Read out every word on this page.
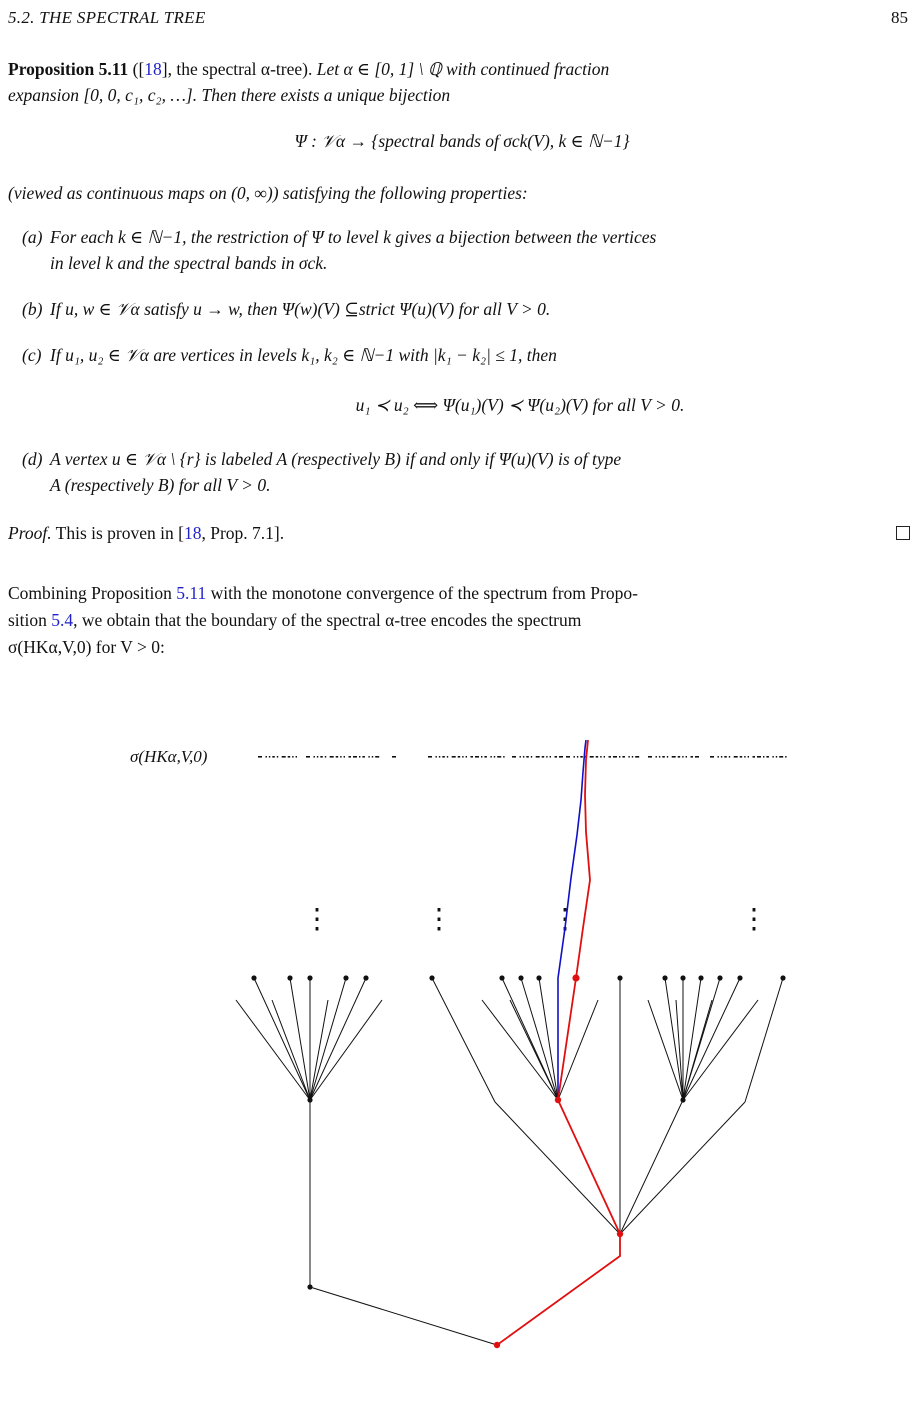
5.2. THE SPECTRAL TREE	85
Proposition 5.11 ([18], the spectral α-tree). Let α ∈ [0, 1] \ ℚ with continued fraction
expansion [0, 0, c₁, c₂, …]. Then there exists a unique bijection
Ψ : 𝒱α → {spectral bands of σck(V), k ∈ ℕ−1}
(viewed as continuous maps on (0, ∞)) satisfying the following properties:
(a) For each k ∈ ℕ−1, the restriction of Ψ to level k gives a bijection between the vertices
in level k and the spectral bands in σck.
(b) If u, w ∈ 𝒱α satisfy u → w, then Ψ(w)(V) ⊆strict Ψ(u)(V) for all V > 0.
(c) If u₁, u₂ ∈ 𝒱α are vertices in levels k₁, k₂ ∈ ℕ−1 with |k₁ − k₂| ≤ 1, then
u₁ ≺ u₂ ⟺ Ψ(u₁)(V) ≺ Ψ(u₂)(V) for all V > 0.
(d) A vertex u ∈ 𝒱α \ {r} is labeled A (respectively B) if and only if Ψ(u)(V) is of type
A (respectively B) for all V > 0.
Proof. This is proven in [18, Prop. 7.1].
Combining Proposition 5.11 with the monotone convergence of the spectrum from Propo-
sition 5.4, we obtain that the boundary of the spectral α-tree encodes the spectrum
σ(HKα,V,0) for V > 0:
σ(HKα,V,0)
⋮	⋮	⋮	⋮
